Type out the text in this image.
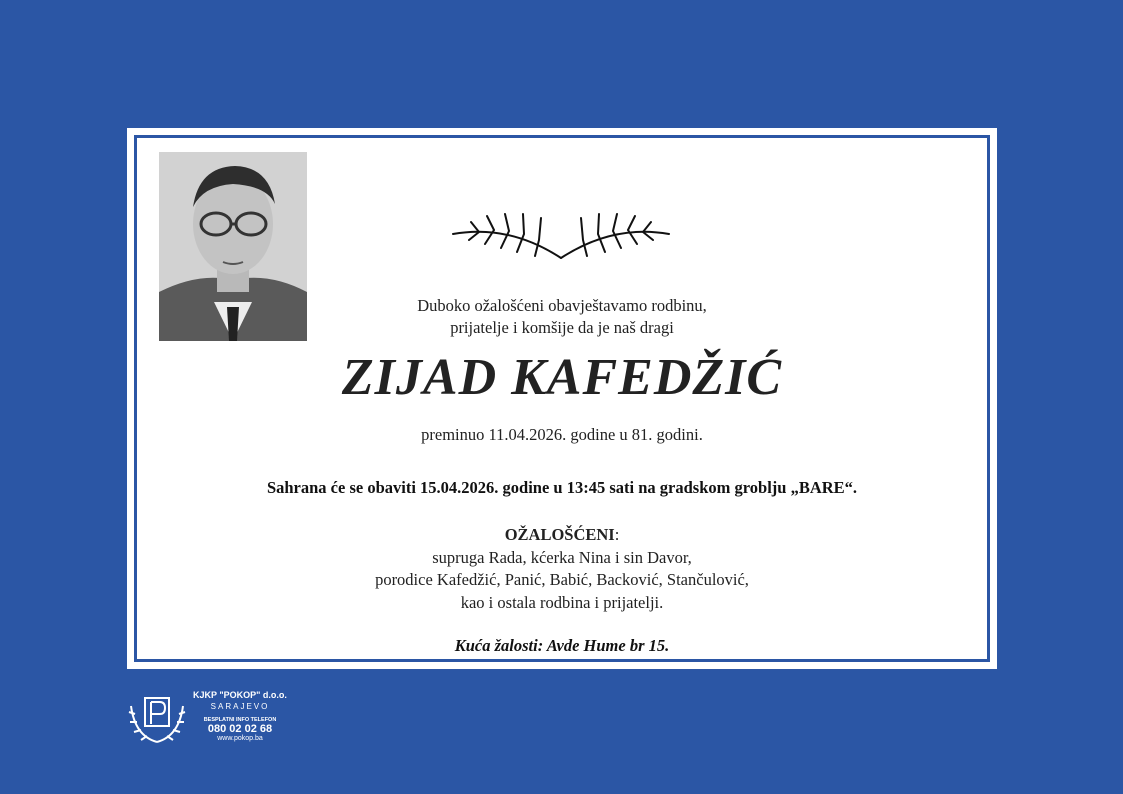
Duboko ožalošćeni obavještavamo rodbinu,
prijatelje i komšije da je naš dragi
ZIJAD KAFEDŽIĆ
preminuo 11.04.2026. godine u 81. godini.
Sahrana će se obaviti 15.04.2026. godine u 13:45 sati na gradskom groblju „BARE“.
OŽALOŠĆENI:
supruga Rada, kćerka Nina i sin Davor,
porodice Kafedžić, Panić, Babić, Backović, Stančulović,
kao i ostala rodbina i prijatelji.
Kuća žalosti: Avde Hume br 15.
KJKP "POKOP" d.o.o.
SARAJEVO
BESPLATNI INFO TELEFON
080 02 02 68
www.pokop.ba
